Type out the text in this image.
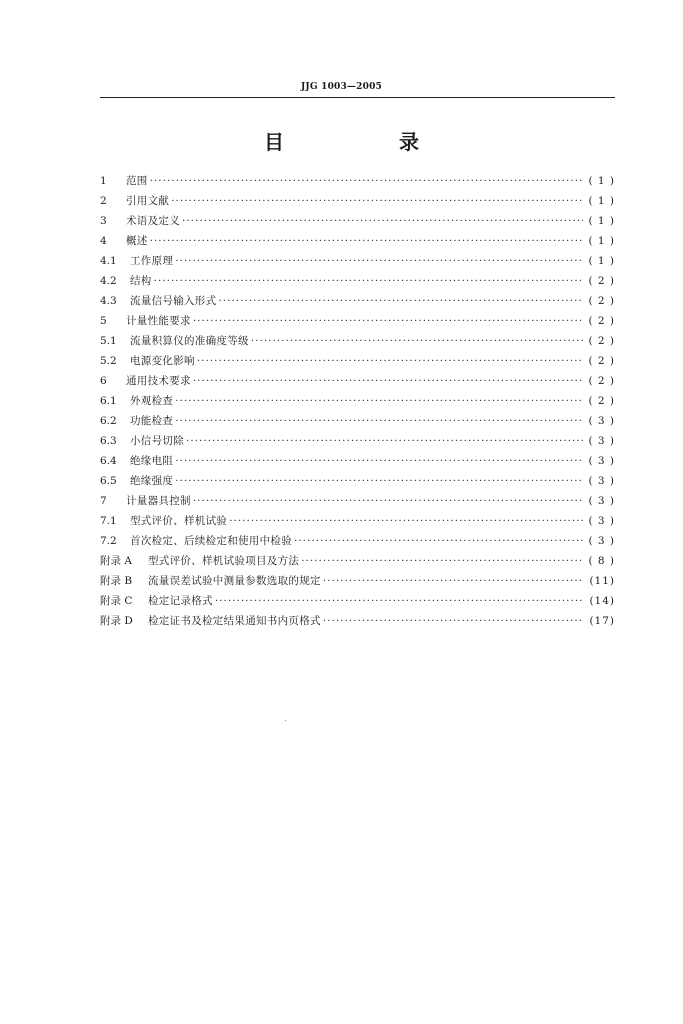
JJG 1003—2005
目 录
1	范围 ·····	( 1 )
2	引用文献 ·····	( 1 )
3	术语及定义 ·····	( 1 )
4	概述 ·····	( 1 )
4.1	工作原理 ·····	( 1 )
4.2	结构 ·····	( 2 )
4.3	流量信号输入形式 ·····	( 2 )
5	计量性能要求 ·····	( 2 )
5.1	流量积算仪的准确度等级 ·····	( 2 )
5.2	电源变化影响 ·····	( 2 )
6	通用技术要求 ·····	( 2 )
6.1	外观检查 ·····	( 2 )
6.2	功能检查 ·····	( 3 )
6.3	小信号切除 ·····	( 3 )
6.4	绝缘电阻 ·····	( 3 )
6.5	绝缘强度 ·····	( 3 )
7	计量器具控制 ·····	( 3 )
7.1	型式评价、样机试验 ·····	( 3 )
7.2	首次检定、后续检定和使用中检验 ·····	( 3 )
附录 A	型式评价、样机试验项目及方法 ·····	( 8 )
附录 B	流量误差试验中测量参数选取的规定 ·····	(11)
附录 C	检定记录格式 ·····	(14)
附录 D	检定证书及检定结果通知书内页格式 ·····	(17)
